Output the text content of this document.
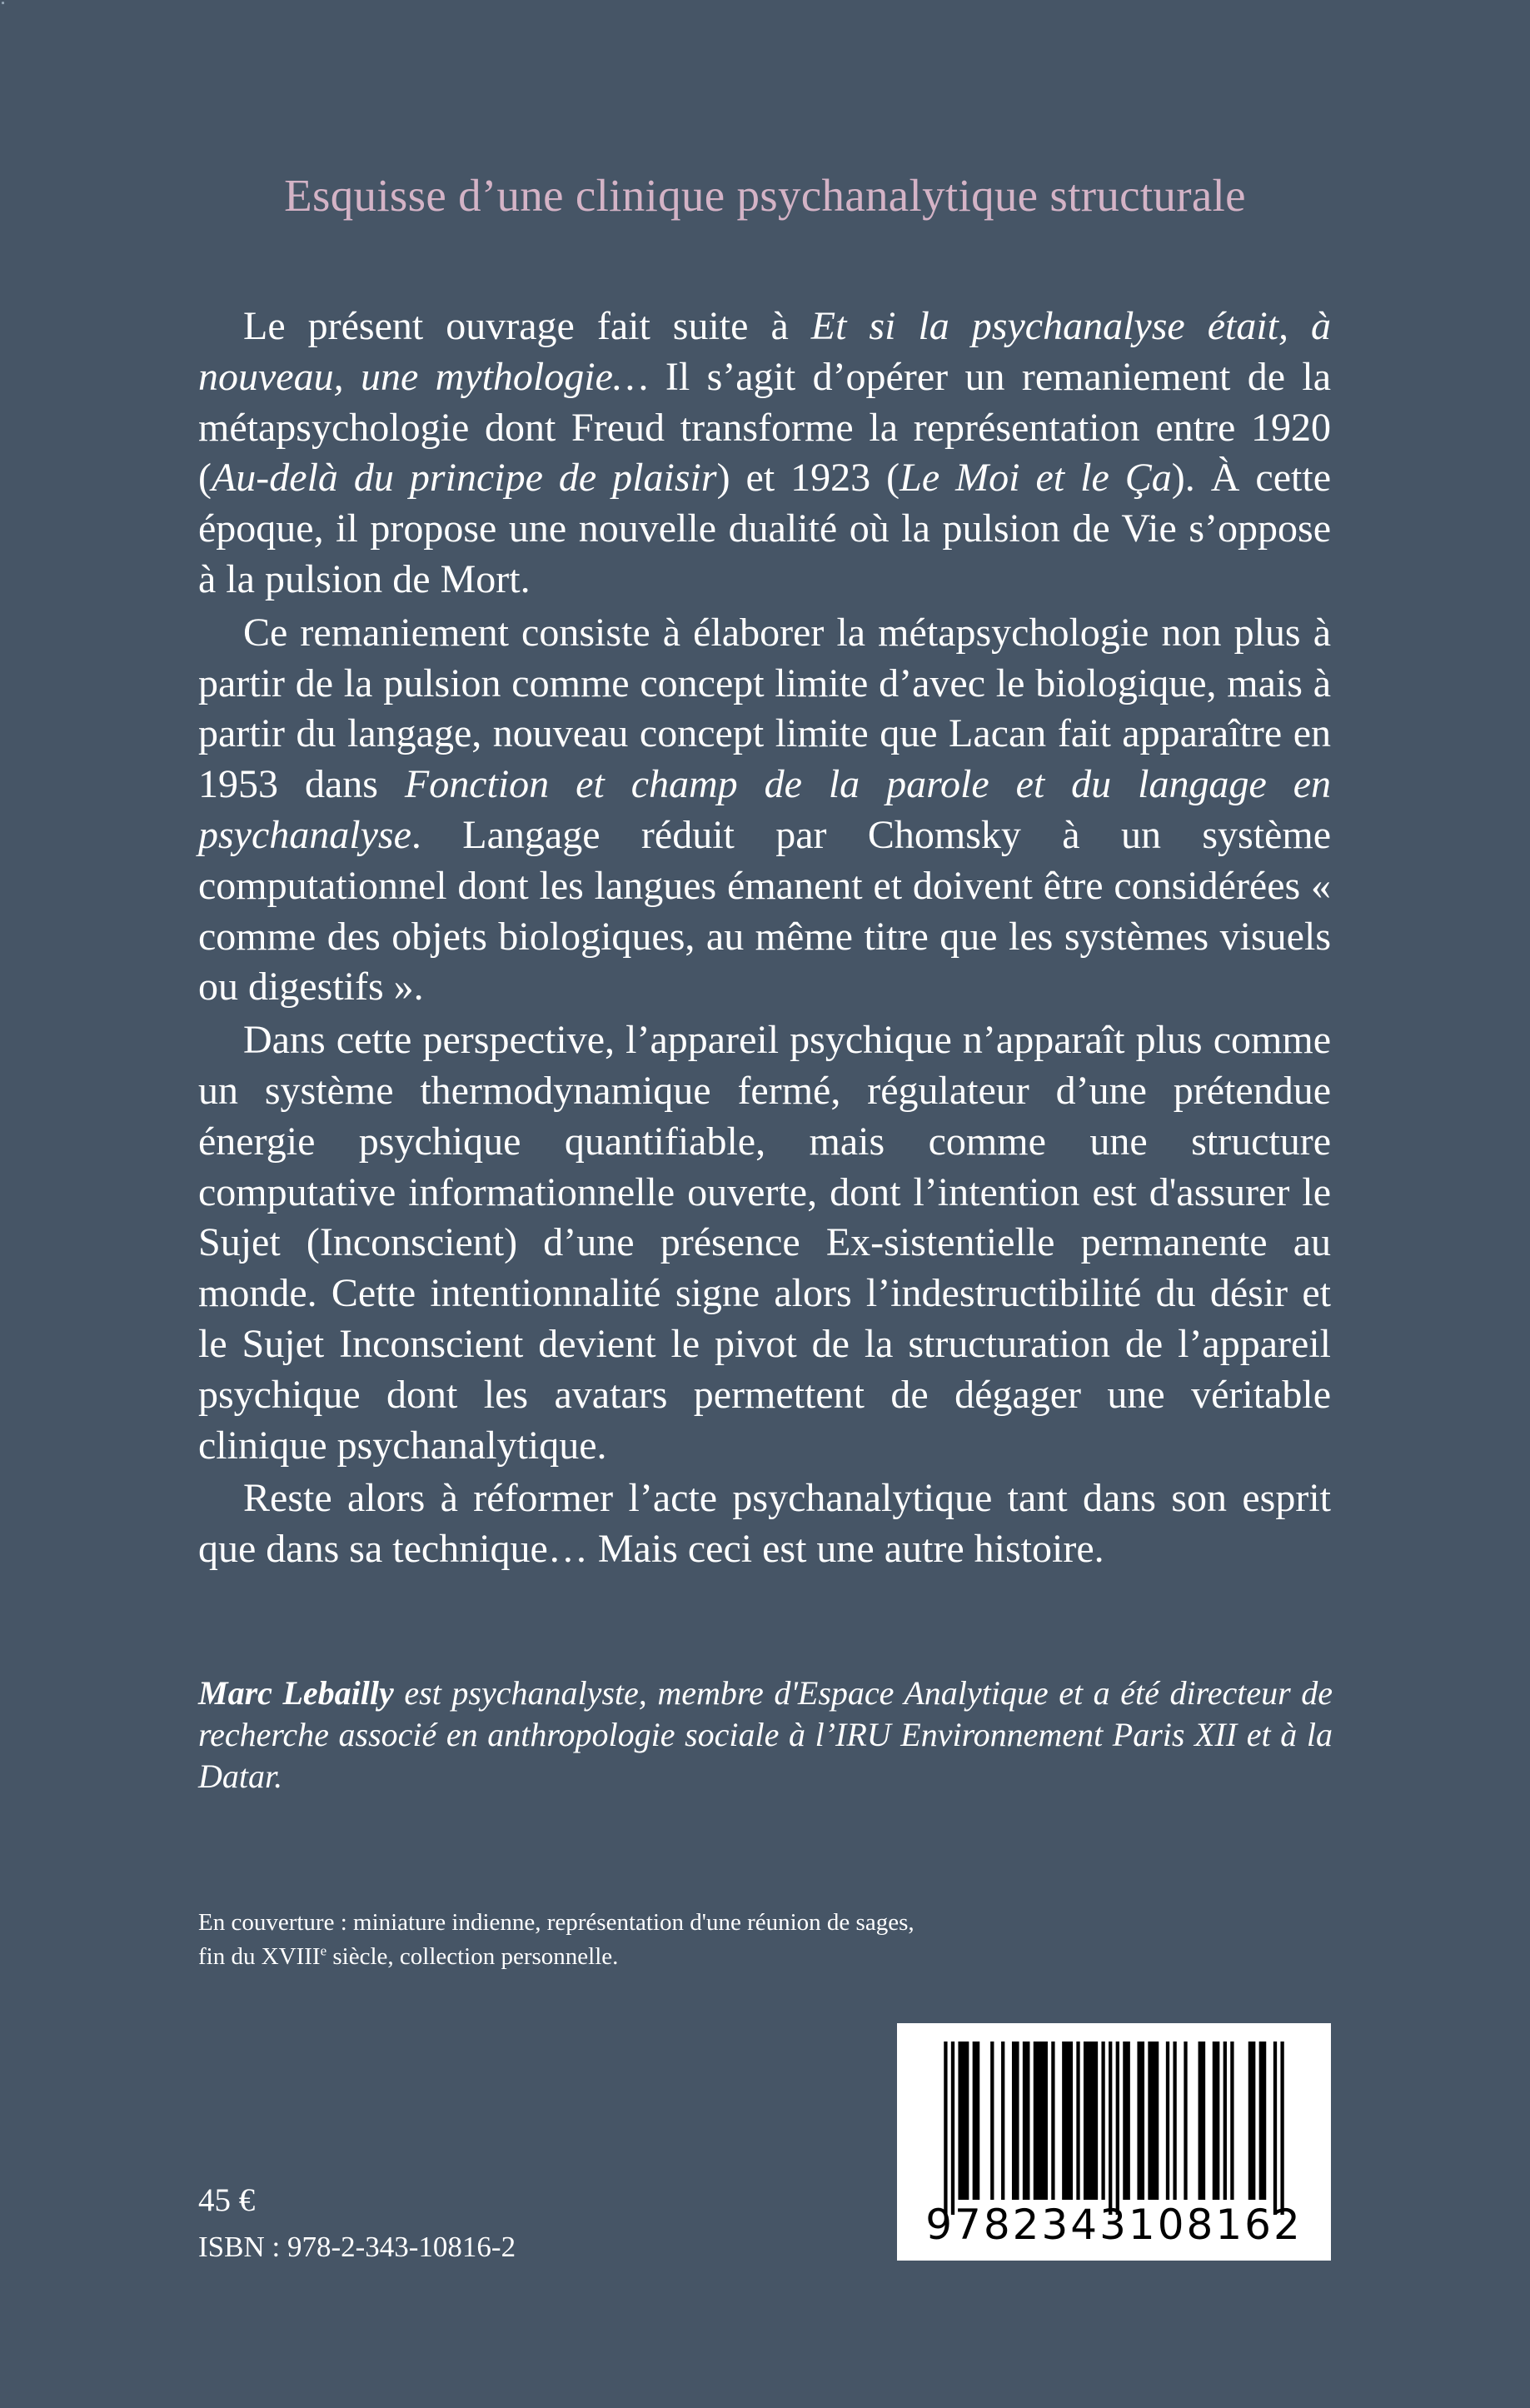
Esquisse d’une clinique psychanalytique structurale

Le présent ouvrage fait suite à Et si la psychanalyse était, à nouveau, une mythologie… Il s’agit d’opérer un remaniement de la métapsychologie dont Freud transforme la représentation entre 1920 (Au-delà du principe de plaisir) et 1923 (Le Moi et le Ça). À cette époque, il propose une nouvelle dualité où la pulsion de Vie s’oppose à la pulsion de Mort.

Ce remaniement consiste à élaborer la métapsychologie non plus à partir de la pulsion comme concept limite d’avec le biologique, mais à partir du langage, nouveau concept limite que Lacan fait apparaître en 1953 dans Fonction et champ de la parole et du langage en psychanalyse. Langage réduit par Chomsky à un système computationnel dont les langues émanent et doivent être considérées « comme des objets biologiques, au même titre que les systèmes visuels ou digestifs ».

Dans cette perspective, l’appareil psychique n’apparaît plus comme un système thermodynamique fermé, régulateur d’une prétendue énergie psychique quantifiable, mais comme une structure computative informationnelle ouverte, dont l’intention est d'assurer le Sujet (Inconscient) d’une présence Ex-sistentielle permanente au monde. Cette intentionnalité signe alors l’indestructibilité du désir et le Sujet Inconscient devient le pivot de la structuration de l’appareil psychique dont les avatars permettent de dégager une véritable clinique psychanalytique.

Reste alors à réformer l’acte psychanalytique tant dans son esprit que dans sa technique… Mais ceci est une autre histoire.

Marc Lebailly est psychanalyste, membre d'Espace Analytique et a été directeur de recherche associé en anthropologie sociale à l’IRU Environnement Paris XII et à la Datar.
En couverture : miniature indienne, représentation d'une réunion de sages,
fin du XVIIIe siècle, collection personnelle.
45 €
ISBN : 978-2-343-10816-2	9782343108162
